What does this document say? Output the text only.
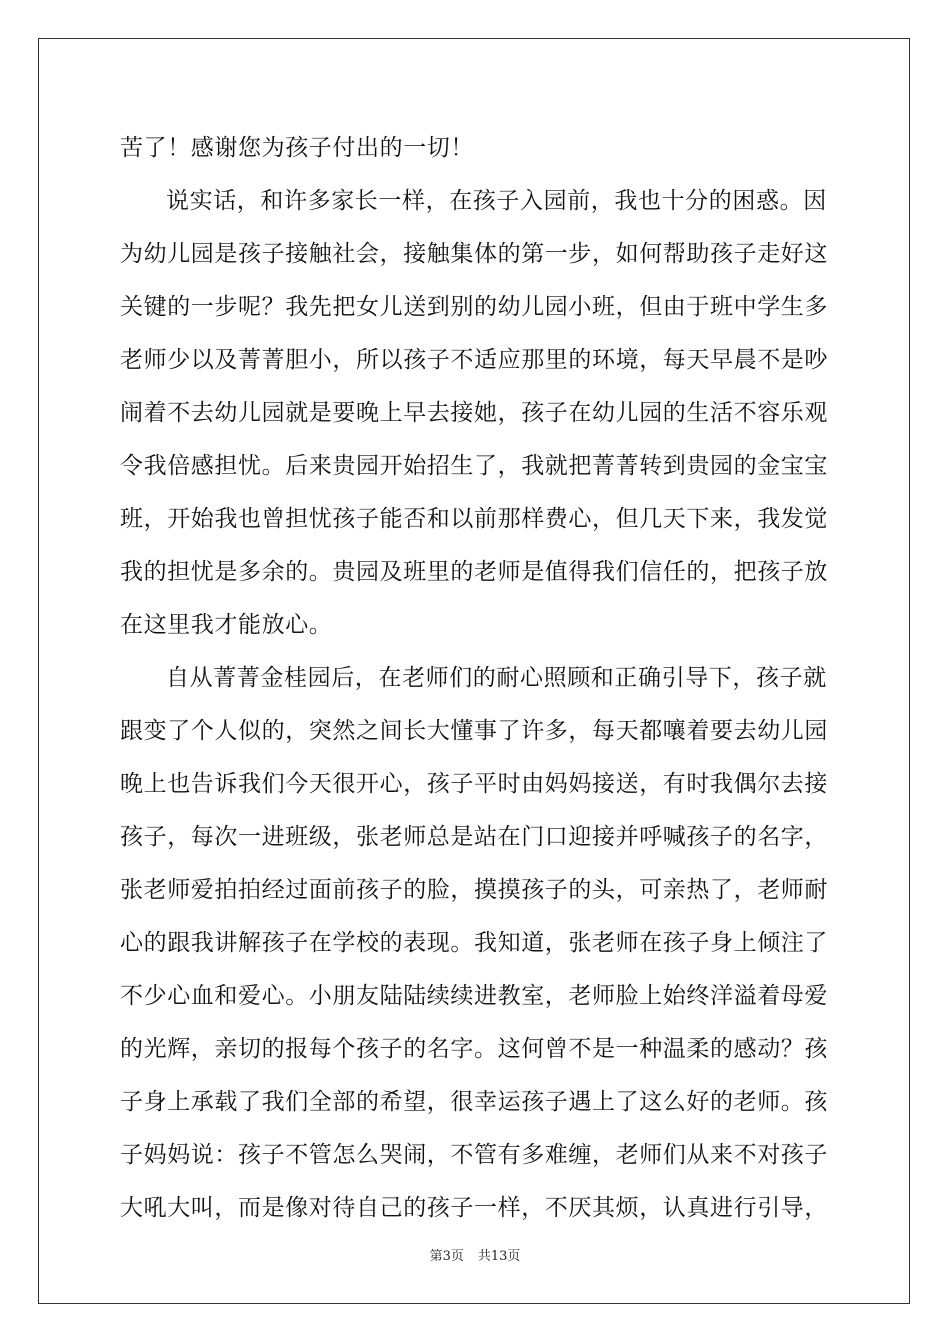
苦了！感谢您为孩子付出的一切！
说实话，和许多家长一样，在孩子入园前，我也十分的困惑。因
为幼儿园是孩子接触社会，接触集体的第一步，如何帮助孩子走好这
关键的一步呢？我先把女儿送到别的幼儿园小班，但由于班中学生多
老师少以及菁菁胆小，所以孩子不适应那里的环境，每天早晨不是吵
闹着不去幼儿园就是要晚上早去接她，孩子在幼儿园的生活不容乐观
令我倍感担忧。后来贵园开始招生了，我就把菁菁转到贵园的金宝宝
班，开始我也曾担忧孩子能否和以前那样费心，但几天下来，我发觉
我的担忧是多余的。贵园及班里的老师是值得我们信任的，把孩子放
在这里我才能放心。
自从菁菁金桂园后，在老师们的耐心照顾和正确引导下，孩子就
跟变了个人似的，突然之间长大懂事了许多，每天都嚷着要去幼儿园
晚上也告诉我们今天很开心，孩子平时由妈妈接送，有时我偶尔去接
孩子，每次一进班级，张老师总是站在门口迎接并呼喊孩子的名字，
张老师爱拍拍经过面前孩子的脸，摸摸孩子的头，可亲热了，老师耐
心的跟我讲解孩子在学校的表现。我知道，张老师在孩子身上倾注了
不少心血和爱心。小朋友陆陆续续进教室，老师脸上始终洋溢着母爱
的光辉，亲切的报每个孩子的名字。这何曾不是一种温柔的感动？孩
子身上承载了我们全部的希望，很幸运孩子遇上了这么好的老师。孩
子妈妈说：孩子不管怎么哭闹，不管有多难缠，老师们从来不对孩子
大吼大叫，而是像对待自己的孩子一样，不厌其烦，认真进行引导，
第3页 共13页
